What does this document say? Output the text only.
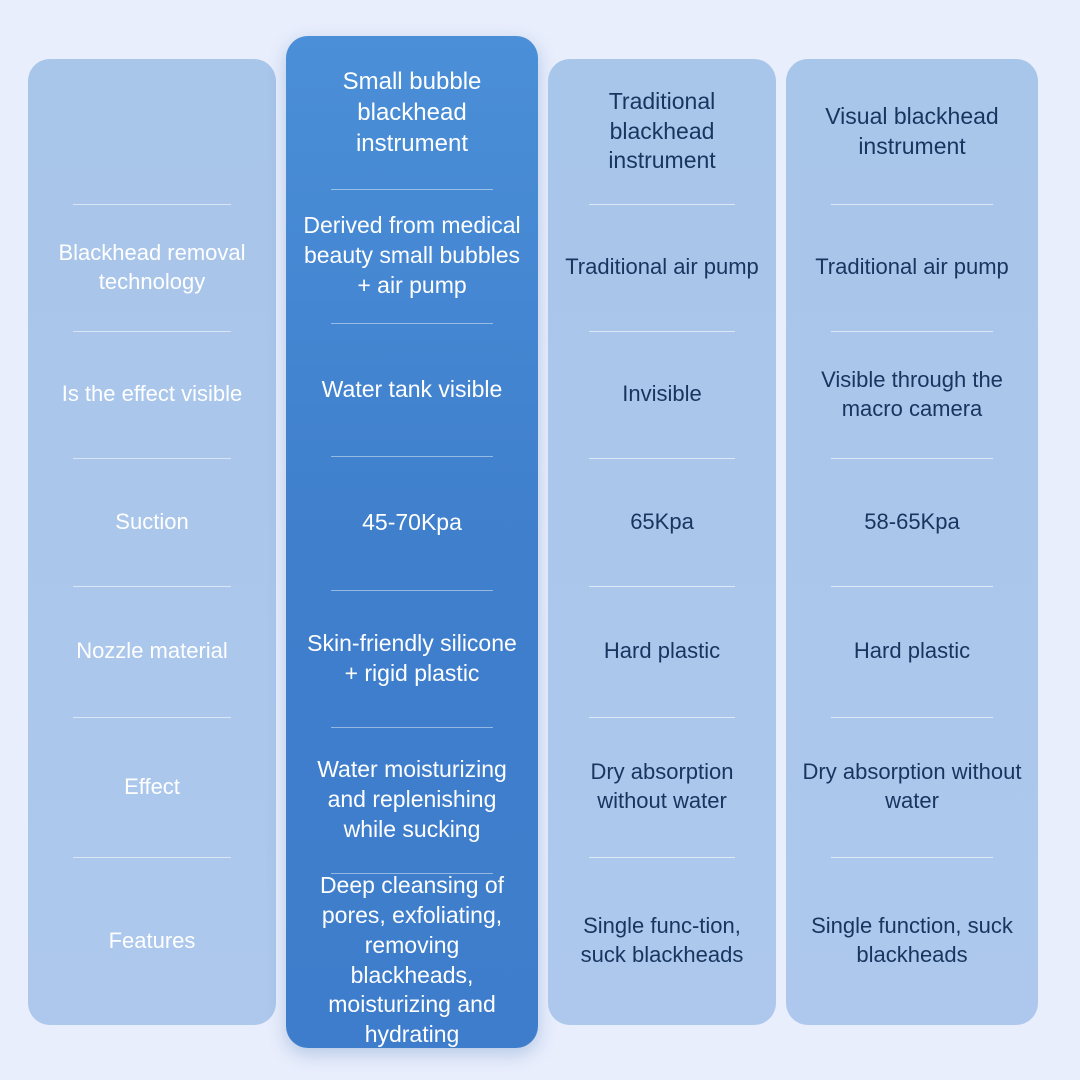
Blackhead removal technology
Is the effect visible
Suction
Nozzle material
Effect
Features
Small bubble blackhead instrument
Derived from medical beauty small bubbles + air pump
Water tank visible
45-70Kpa
Skin-friendly silicone + rigid plastic
Water moisturizing and replenishing while sucking
Deep cleansing of pores, exfoliating, removing blackheads, moisturizing and hydrating
Traditional blackhead instrument
Traditional air pump
Invisible
65Kpa
Hard plastic
Dry absorption without water
Single func-tion, suck blackheads
Visual blackhead instrument
Traditional air pump
Visible through the macro camera
58-65Kpa
Hard plastic
Dry absorption without water
Single function, suck blackheads
